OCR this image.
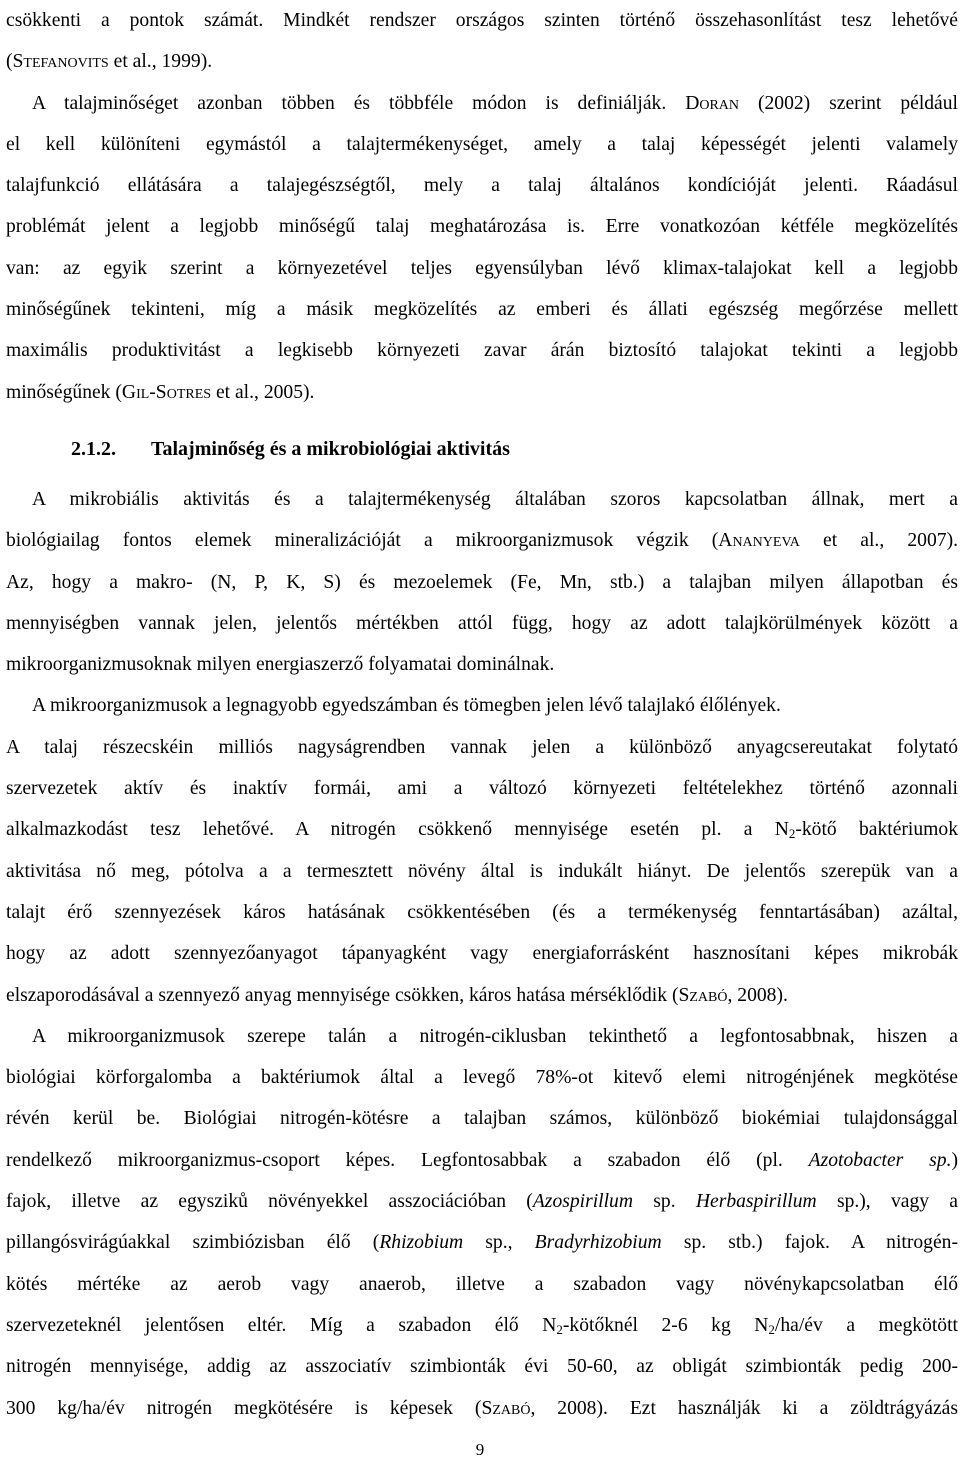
csökkenti a pontok számát. Mindkét rendszer országos szinten történő összehasonlítást tesz lehetővé
(Stefanovits et al., 1999).
A talajminőséget azonban többen és többféle módon is definiálják. Doran (2002) szerint például
el kell különíteni egymástól a talajtermékenységet, amely a talaj képességét jelenti valamely
talajfunkció ellátására a talajegészségtől, mely a talaj általános kondícióját jelenti. Ráadásul
problémát jelent a legjobb minőségű talaj meghatározása is. Erre vonatkozóan kétféle megközelítés
van: az egyik szerint a környezetével teljes egyensúlyban lévő klimax-talajokat kell a legjobb
minőségűnek tekinteni, míg a másik megközelítés az emberi és állati egészség megőrzése mellett
maximális produktivitást a legkisebb környezeti zavar árán biztosító talajokat tekinti a legjobb
minőségűnek (Gil-Sotres et al., 2005).
2.1.2. Talajminőség és a mikrobiológiai aktivitás
A mikrobiális aktivitás és a talajtermékenység általában szoros kapcsolatban állnak, mert a
biológiailag fontos elemek mineralizációját a mikroorganizmusok végzik (Ananyeva et al., 2007).
Az, hogy a makro- (N, P, K, S) és mezoelemek (Fe, Mn, stb.) a talajban milyen állapotban és
mennyiségben vannak jelen, jelentős mértékben attól függ, hogy az adott talajkörülmények között a
mikroorganizmusoknak milyen energiaszerző folyamatai dominálnak.
A mikroorganizmusok a legnagyobb egyedszámban és tömegben jelen lévő talajlakó élőlények.
A talaj részecskéin milliós nagyságrendben vannak jelen a különböző anyagcsereutakat folytató
szervezetek aktív és inaktív formái, ami a változó környezeti feltételekhez történő azonnali
alkalmazkodást tesz lehetővé. A nitrogén csökkenő mennyisége esetén pl. a $N_2$-kötő baktériumok
aktivitása nő meg, pótolva a a termesztett növény által is indukált hiányt. De jelentős szerepük van a
talajt érő szennyezések káros hatásának csökkentésében (és a termékenység fenntartásában) azáltal,
hogy az adott szennyezőanyagot tápanyagként vagy energiaforrásként hasznosítani képes mikrobák
elszaporodásával a szennyező anyag mennyisége csökken, káros hatása mérséklődik (Szabó, 2008).
A mikroorganizmusok szerepe talán a nitrogén-ciklusban tekinthető a legfontosabbnak, hiszen a
biológiai körforgalomba a baktériumok által a levegő 78%-ot kitevő elemi nitrogénjének megkötése
révén kerül be. Biológiai nitrogén-kötésre a talajban számos, különböző biokémiai tulajdonsággal
rendelkező mikroorganizmus-csoport képes. Legfontosabbak a szabadon élő (pl. Azotobacter sp.)
fajok, illetve az egysziků növényekkel asszociációban (Azospirillum sp. Herbaspirillum sp.), vagy a
pillangósvirágúakkal szimbiózisban élő (Rhizobium sp., Bradyrhizobium sp. stb.) fajok. A nitrogén-
kötés mértéke az aerob vagy anaerob, illetve a szabadon vagy növénykapcsolatban élő
szervezeteknél jelentősen eltér. Míg a szabadon élő $N_2$-kötőknél 2-6 kg $N_2/ha/év$ a megkötött
nitrogén mennyisége, addig az asszociatív szimbionták évi 50-60, az obligát szimbionták pedig 200-
300 kg/ha/év nitrogén megkötésére is képesek (Szabó, 2008). Ezt használják ki a zöldtrágyázás
9
